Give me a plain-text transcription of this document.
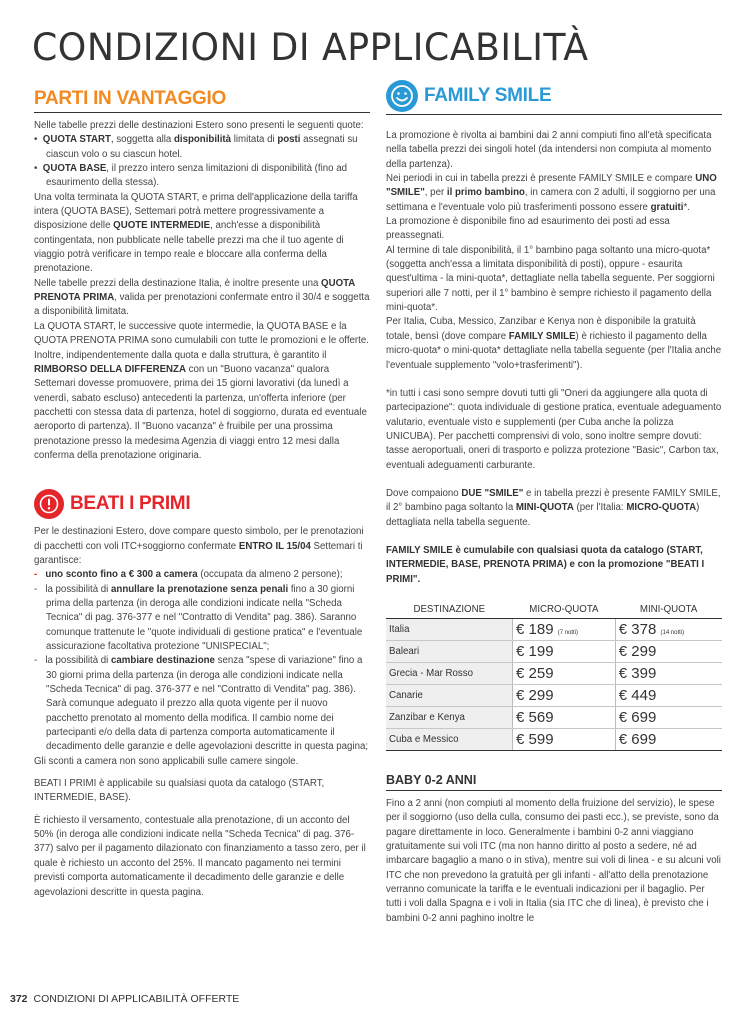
CONDIZIONI DI APPLICABILITÀ
PARTI IN VANTAGGIO

Nelle tabelle prezzi delle destinazioni Estero sono presenti le seguenti quote:

•  QUOTA START, soggetta alla disponibilità limitata di posti assegnati su ciascun volo o su ciascun hotel.

•  QUOTA BASE, il prezzo intero senza limitazioni di disponibilità (fino ad esaurimento della stessa).

Una volta terminata la QUOTA START, e prima dell'applicazione della tariffa intera (QUOTA BASE), Settemari potrà mettere progressivamente a disposizione delle QUOTE INTERMEDIE, anch'esse a disponibilità contingentata, non pubblicate nelle tabelle prezzi ma che il tuo agente di viaggio potrà verificare in tempo reale e bloccare alla conferma della prenotazione.

Nelle tabelle prezzi della destinazione Italia, è inoltre presente una QUOTA PRENOTA PRIMA, valida per prenotazioni confermate entro il 30/4 e soggetta a disponibilità limitata.

La QUOTA START, le successive quote intermedie, la QUOTA BASE e la QUOTA PRENOTA PRIMA sono cumulabili con tutte le promozioni e le offerte.

Inoltre, indipendentemente dalla quota e dalla struttura, è garantito il RIMBORSO DELLA DIFFERENZA con un "Buono vacanza" qualora Settemari dovesse promuovere, prima dei 15 giorni lavorativi (da lunedì a venerdì, sabato escluso) antecedenti la partenza, un'offerta inferiore (per pacchetti con stessa data di partenza, hotel di soggiorno, durata ed eventuale aeroporto di partenza). Il "Buono vacanza" è fruibile per una prossima prenotazione presso la medesima Agenzia di viaggi entro 12 mesi dalla conferma della prenotazione originaria.

BEATI I PRIMI

Per le destinazioni Estero, dove compare questo simbolo, per le prenotazioni di pacchetti con voli ITC+soggiorno confermate ENTRO IL 15/04 Settemari ti garantisce:

- uno sconto fino a € 300 a camera (occupata da almeno 2 persone);

-   la possibilità di annullare la prenotazione senza penali fino a 30 giorni prima della partenza (in deroga alle condizioni indicate nella "Scheda Tecnica" di pag. 376-377 e nel "Contratto di Vendita" pag. 386). Saranno comunque trattenute le "quote individuali di gestione pratica" e l'eventuale assicurazione facoltativa protezione "UNISPECIAL";

-   la possibilità di cambiare destinazione senza "spese di variazione" fino a 30 giorni prima della partenza (in deroga alle condizioni indicate nella "Scheda Tecnica" di pag. 376-377 e nel "Contratto di Vendita" pag. 386). Sarà comunque adeguato il prezzo alla quota vigente per il nuovo pacchetto prenotato al momento della modifica. Il cambio nome dei partecipanti e/o della data di partenza comporta automaticamente il decadimento delle garanzie e delle agevolazioni descritte in questa pagina;

Gli sconti a camera non sono applicabili sulle camere singole.

BEATI I PRIMI è applicabile su qualsiasi quota da catalogo (START, INTERMEDIE, BASE).

È richiesto il versamento, contestuale alla prenotazione, di un acconto del 50% (in deroga alle condizioni indicate nella "Scheda Tecnica" di pag. 376-377) salvo per il pagamento dilazionato con finanziamento a tasso zero, per il quale è richiesto un acconto del 25%. Il mancato pagamento nei termini previsti comporta automaticamente il decadimento delle garanzie e delle agevolazioni descritte in questa pagina.

FAMILY SMILE

La promozione è rivolta ai bambini dai 2 anni compiuti fino all'età specificata nella tabella prezzi dei singoli hotel (da intendersi non compiuta al momento della partenza).

Nei periodi in cui in tabella prezzi è presente FAMILY SMILE e compare UNO "SMILE", per il primo bambino, in camera con 2 adulti, il soggiorno per una settimana e l'eventuale volo più trasferimenti possono essere gratuiti*.

La promozione è disponibile fino ad esaurimento dei posti ad essa preassegnati.

Al termine di tale disponibilità, il 1° bambino paga soltanto una micro-quota* (soggetta anch'essa a limitata disponibilità di posti), oppure - esaurita quest'ultima - la mini-quota*, dettagliate nella tabella seguente. Per soggiorni superiori alle 7 notti, per il 1° bambino è sempre richiesto il pagamento della mini-quota*.

Per Italia, Cuba, Messico, Zanzibar e Kenya non è disponibile la gratuità totale, bensì (dove compare FAMILY SMILE) è richiesto il pagamento della micro-quota* o mini-quota* dettagliate nella tabella seguente (per l'Italia anche l'eventuale supplemento "volo+trasferimenti").

*in tutti i casi sono sempre dovuti tutti gli "Oneri da aggiungere alla quota di partecipazione": quota individuale di gestione pratica, eventuale adeguamento valutario, eventuale visto e supplementi (per Cuba anche la polizza UNICUBA). Per pacchetti comprensivi di volo, sono inoltre sempre dovuti: tasse aeroportuali, oneri di trasporto e polizza protezione "Basic", Carbon tax, eventuali adeguamenti carburante.

Dove compaiono DUE "SMILE" e in tabella prezzi è presente FAMILY SMILE, il 2° bambino paga soltanto la MINI-QUOTA (per l'Italia: MICRO-QUOTA) dettagliata nella tabella seguente.

FAMILY SMILE è cumulabile con qualsiasi quota da catalogo (START, INTERMEDIE, BASE, PRENOTA PRIMA) e con la promozione "BEATI I PRIMI".

DESTINAZIONE	MICRO-QUOTA	MINI-QUOTA
Italia	€ 189 (7 notti)	€ 378 (14 notti)
Baleari	€ 199	€ 299
Grecia - Mar Rosso	€ 259	€ 399
Canarie	€ 299	€ 449
Zanzibar e Kenya	€ 569	€ 699
Cuba e Messico	€ 599	€ 699
BABY 0-2 ANNI

Fino a 2 anni (non compiuti al momento della fruizione del servizio), le spese per il soggiorno (uso della culla, consumo dei pasti ecc.), se previste, sono da pagare direttamente in loco. Generalmente i bambini 0-2 anni viaggiano gratuitamente sui voli ITC (ma non hanno diritto al posto a sedere, né ad imbarcare bagaglio a mano o in stiva), mentre sui voli di linea - e su alcuni voli ITC che non prevedono la gratuità per gli infanti - all'atto della prenotazione verranno comunicate la tariffa e le eventuali indicazioni per il bagaglio. Per tutti i voli dalla Spagna e i voli in Italia (sia ITC che di linea), è previsto che i bambini 0-2 anni paghino inoltre le

372 CONDIZIONI DI APPLICABILITÀ OFFERTE
